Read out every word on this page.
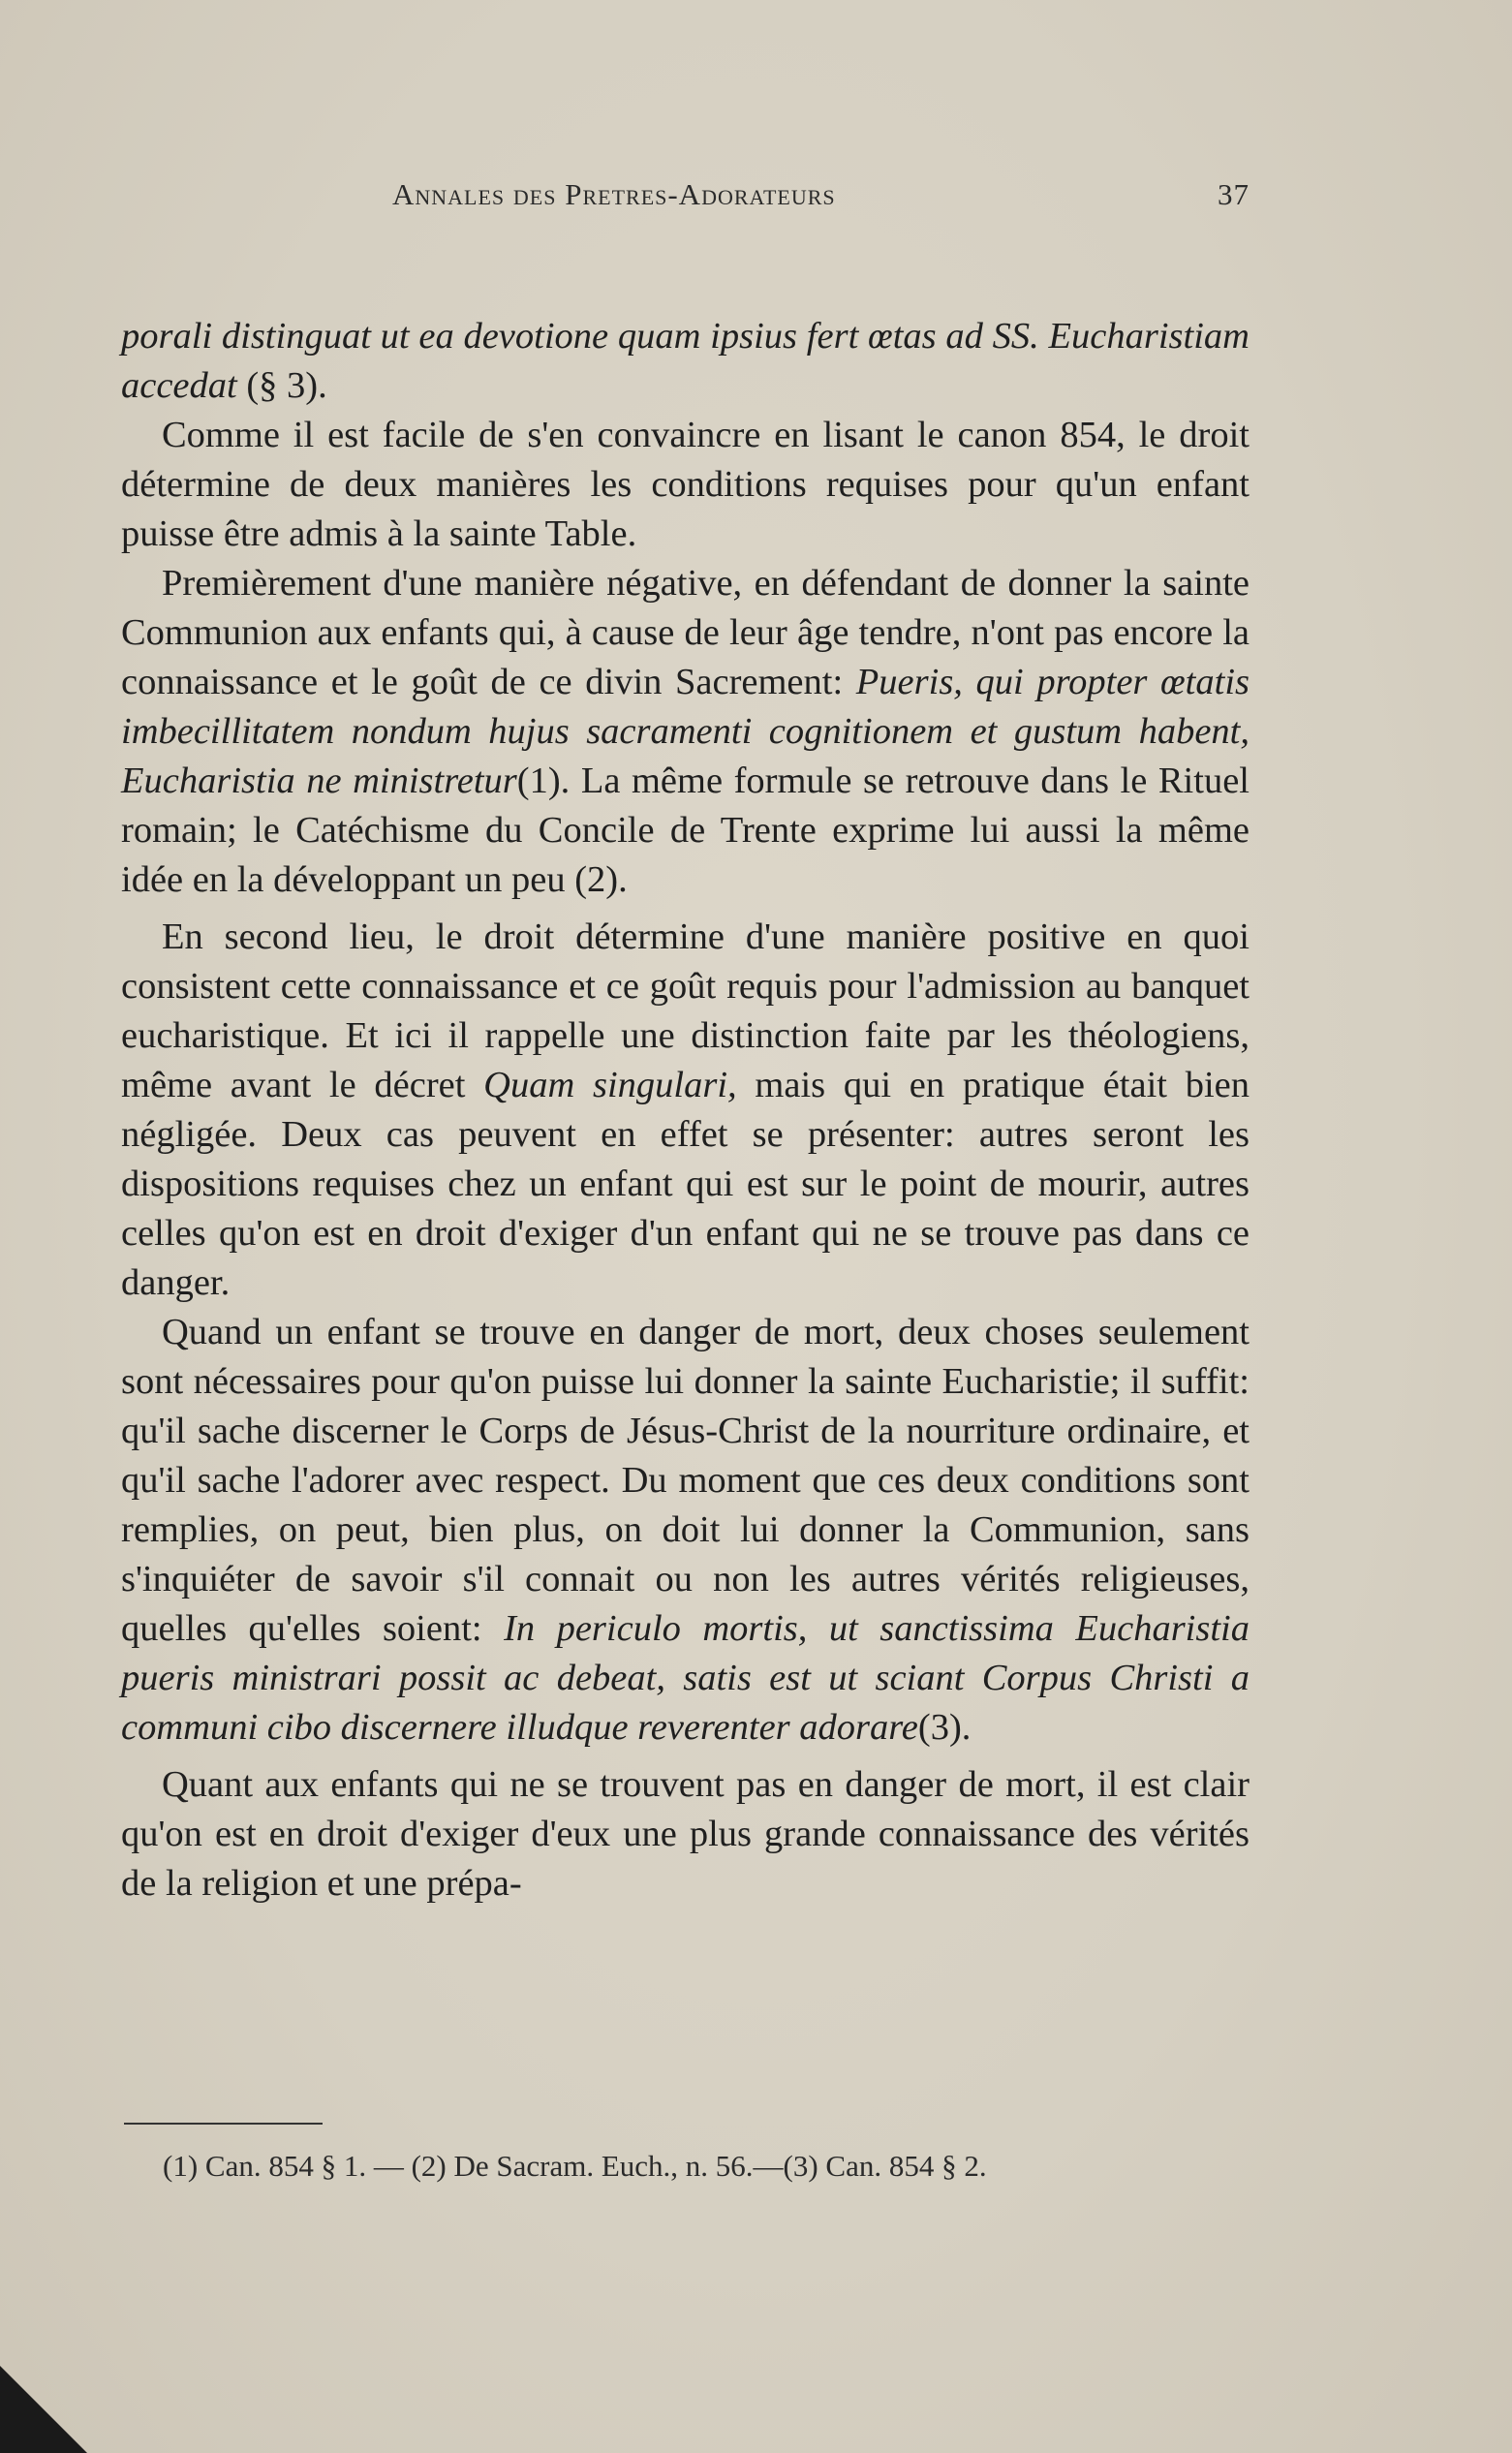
Annales des Pretres-Adorateurs	37

porali distinguat ut ea devotione quam ipsius fert œtas ad SS. Eucharistiam accedat (§ 3).

Comme il est facile de s'en convaincre en lisant le canon 854, le droit détermine de deux manières les conditions requises pour qu'un enfant puisse être admis à la sainte Table.

Premièrement d'une manière négative, en défendant de donner la sainte Communion aux enfants qui, à cause de leur âge tendre, n'ont pas encore la connaissance et le goût de ce divin Sacrement: Pueris, qui propter œtatis imbecillitatem nondum hujus sacramenti cognitionem et gustum habent, Eucharistia ne ministretur(1). La même formule se retrouve dans le Rituel romain; le Catéchisme du Concile de Trente exprime lui aussi la même idée en la développant un peu (2).

En second lieu, le droit détermine d'une manière positive en quoi consistent cette connaissance et ce goût requis pour l'admission au banquet eucharistique. Et ici il rappelle une distinction faite par les théologiens, même avant le décret Quam singulari, mais qui en pratique était bien négligée. Deux cas peuvent en effet se présenter: autres seront les dispositions requises chez un enfant qui est sur le point de mourir, autres celles qu'on est en droit d'exiger d'un enfant qui ne se trouve pas dans ce danger.

Quand un enfant se trouve en danger de mort, deux choses seulement sont nécessaires pour qu'on puisse lui donner la sainte Eucharistie; il suffit: qu'il sache discerner le Corps de Jésus-Christ de la nourriture ordinaire, et qu'il sache l'adorer avec respect. Du moment que ces deux conditions sont remplies, on peut, bien plus, on doit lui donner la Communion, sans s'inquiéter de savoir s'il connait ou non les autres vérités religieuses, quelles qu'elles soient: In periculo mortis, ut sanctissima Eucharistia pueris ministrari possit ac debeat, satis est ut sciant Corpus Christi a communi cibo discernere illudque reverenter adorare(3).

Quant aux enfants qui ne se trouvent pas en danger de mort, il est clair qu'on est en droit d'exiger d'eux une plus grande connaissance des vérités de la religion et une prépa-

(1) Can. 854 § 1. — (2) De Sacram. Euch., n. 56.—(3) Can. 854 § 2.
